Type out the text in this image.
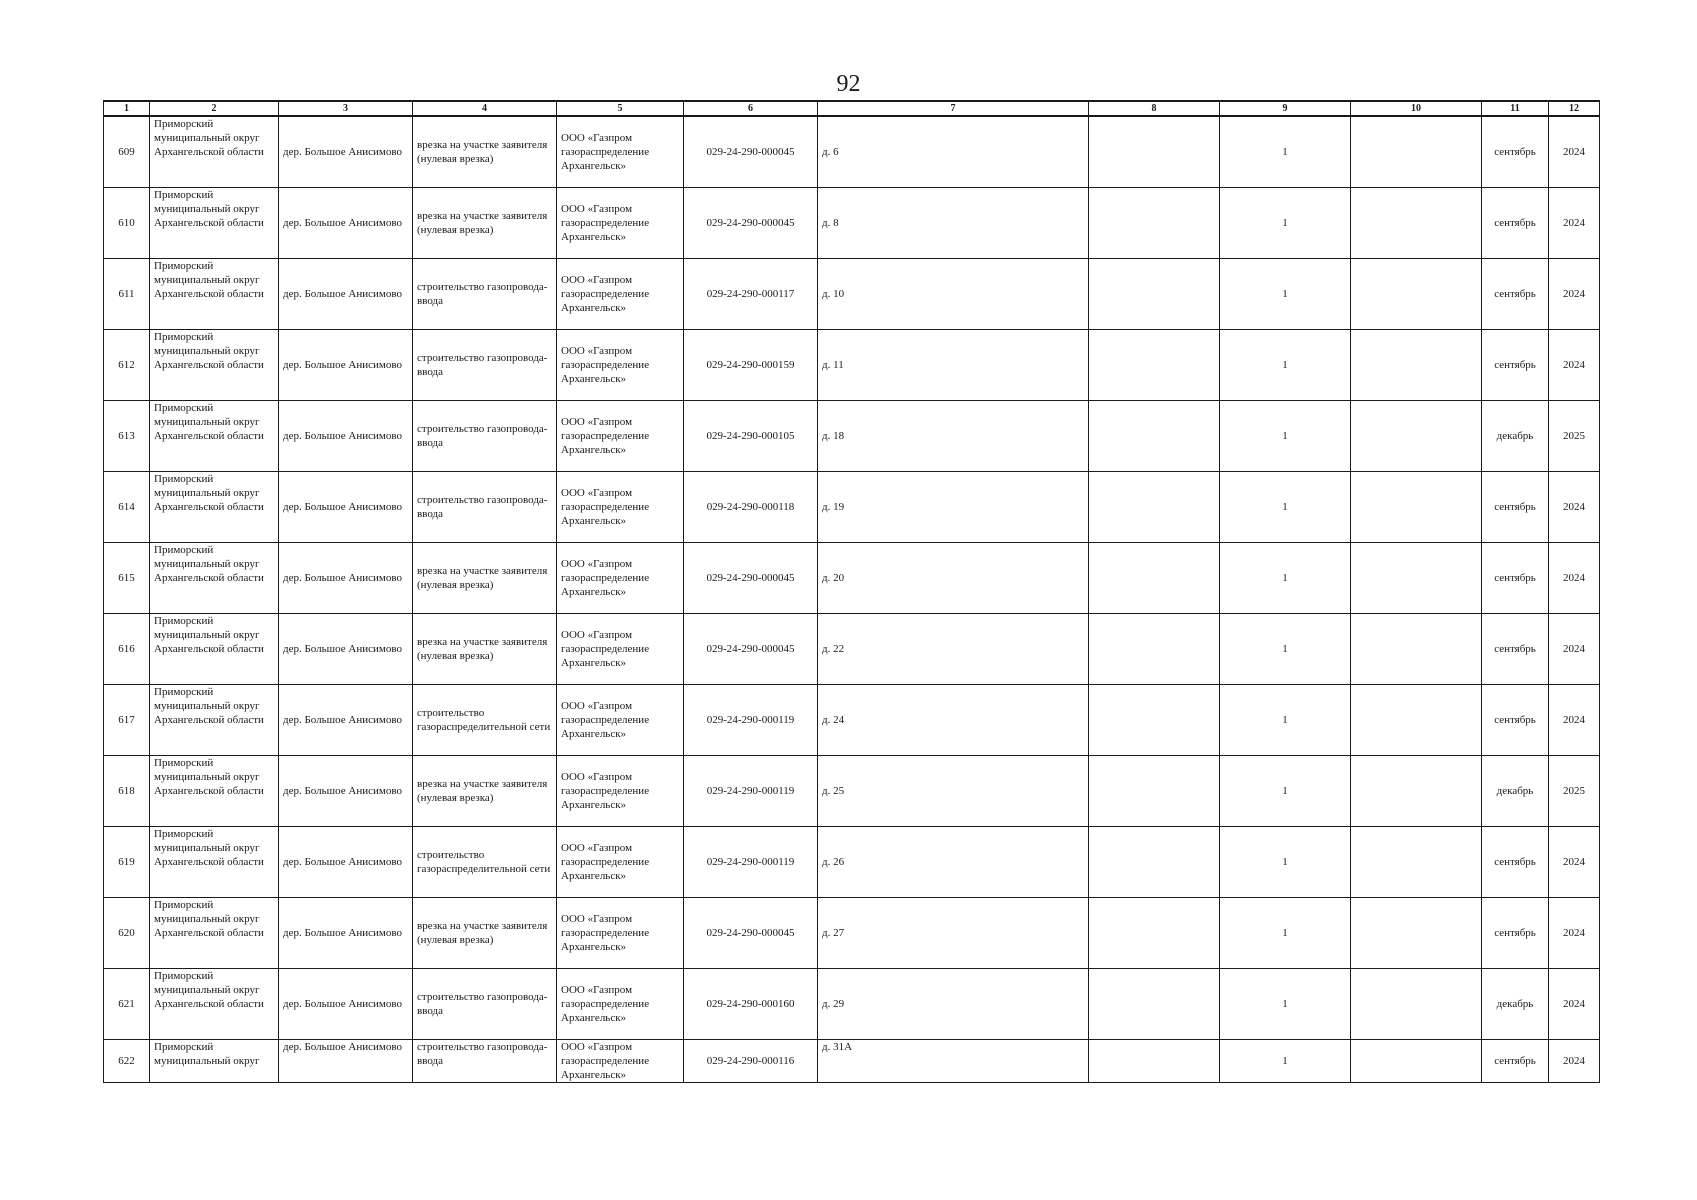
92
1	2	3	4	5	6	7	8	9	10	11	12

609	Приморский муниципальный округ Архангельской области	дер. Большое Анисимово	врезка на участке заявителя (нулевая врезка)	ООО «Газпром газораспределение Архангельск»	029-24-290-000045	д. 6		1		сентябрь	2024

610	Приморский муниципальный округ Архангельской области	дер. Большое Анисимово	врезка на участке заявителя (нулевая врезка)	ООО «Газпром газораспределение Архангельск»	029-24-290-000045	д. 8		1		сентябрь	2024

611	Приморский муниципальный округ Архангельской области	дер. Большое Анисимово	строительство газопровода-ввода	ООО «Газпром газораспределение Архангельск»	029-24-290-000117	д. 10		1		сентябрь	2024

612	Приморский муниципальный округ Архангельской области	дер. Большое Анисимово	строительство газопровода-ввода	ООО «Газпром газораспределение Архангельск»	029-24-290-000159	д. 11		1		сентябрь	2024

613	Приморский муниципальный округ Архангельской области	дер. Большое Анисимово	строительство газопровода-ввода	ООО «Газпром газораспределение Архангельск»	029-24-290-000105	д. 18		1		декабрь	2025

614	Приморский муниципальный округ Архангельской области	дер. Большое Анисимово	строительство газопровода-ввода	ООО «Газпром газораспределение Архангельск»	029-24-290-000118	д. 19		1		сентябрь	2024

615	Приморский муниципальный округ Архангельской области	дер. Большое Анисимово	врезка на участке заявителя (нулевая врезка)	ООО «Газпром газораспределение Архангельск»	029-24-290-000045	д. 20		1		сентябрь	2024

616	Приморский муниципальный округ Архангельской области	дер. Большое Анисимово	врезка на участке заявителя (нулевая врезка)	ООО «Газпром газораспределение Архангельск»	029-24-290-000045	д. 22		1		сентябрь	2024

617	Приморский муниципальный округ Архангельской области	дер. Большое Анисимово	строительство газораспределительной сети	ООО «Газпром газораспределение Архангельск»	029-24-290-000119	д. 24		1		сентябрь	2024

618	Приморский муниципальный округ Архангельской области	дер. Большое Анисимово	врезка на участке заявителя (нулевая врезка)	ООО «Газпром газораспределение Архангельск»	029-24-290-000119	д. 25		1		декабрь	2025

619	Приморский муниципальный округ Архангельской области	дер. Большое Анисимово	строительство газораспределительной сети	ООО «Газпром газораспределение Архангельск»	029-24-290-000119	д. 26		1		сентябрь	2024

620	Приморский муниципальный округ Архангельской области	дер. Большое Анисимово	врезка на участке заявителя (нулевая врезка)	ООО «Газпром газораспределение Архангельск»	029-24-290-000045	д. 27		1		сентябрь	2024

621	Приморский муниципальный округ Архангельской области	дер. Большое Анисимово	строительство газопровода-ввода	ООО «Газпром газораспределение Архангельск»	029-24-290-000160	д. 29		1		декабрь	2024

622	Приморский муниципальный округ	дер. Большое Анисимово	строительство газопровода-ввода	ООО «Газпром газораспределение Архангельск»	029-24-290-000116	д. 31А		1		сентябрь	2024
